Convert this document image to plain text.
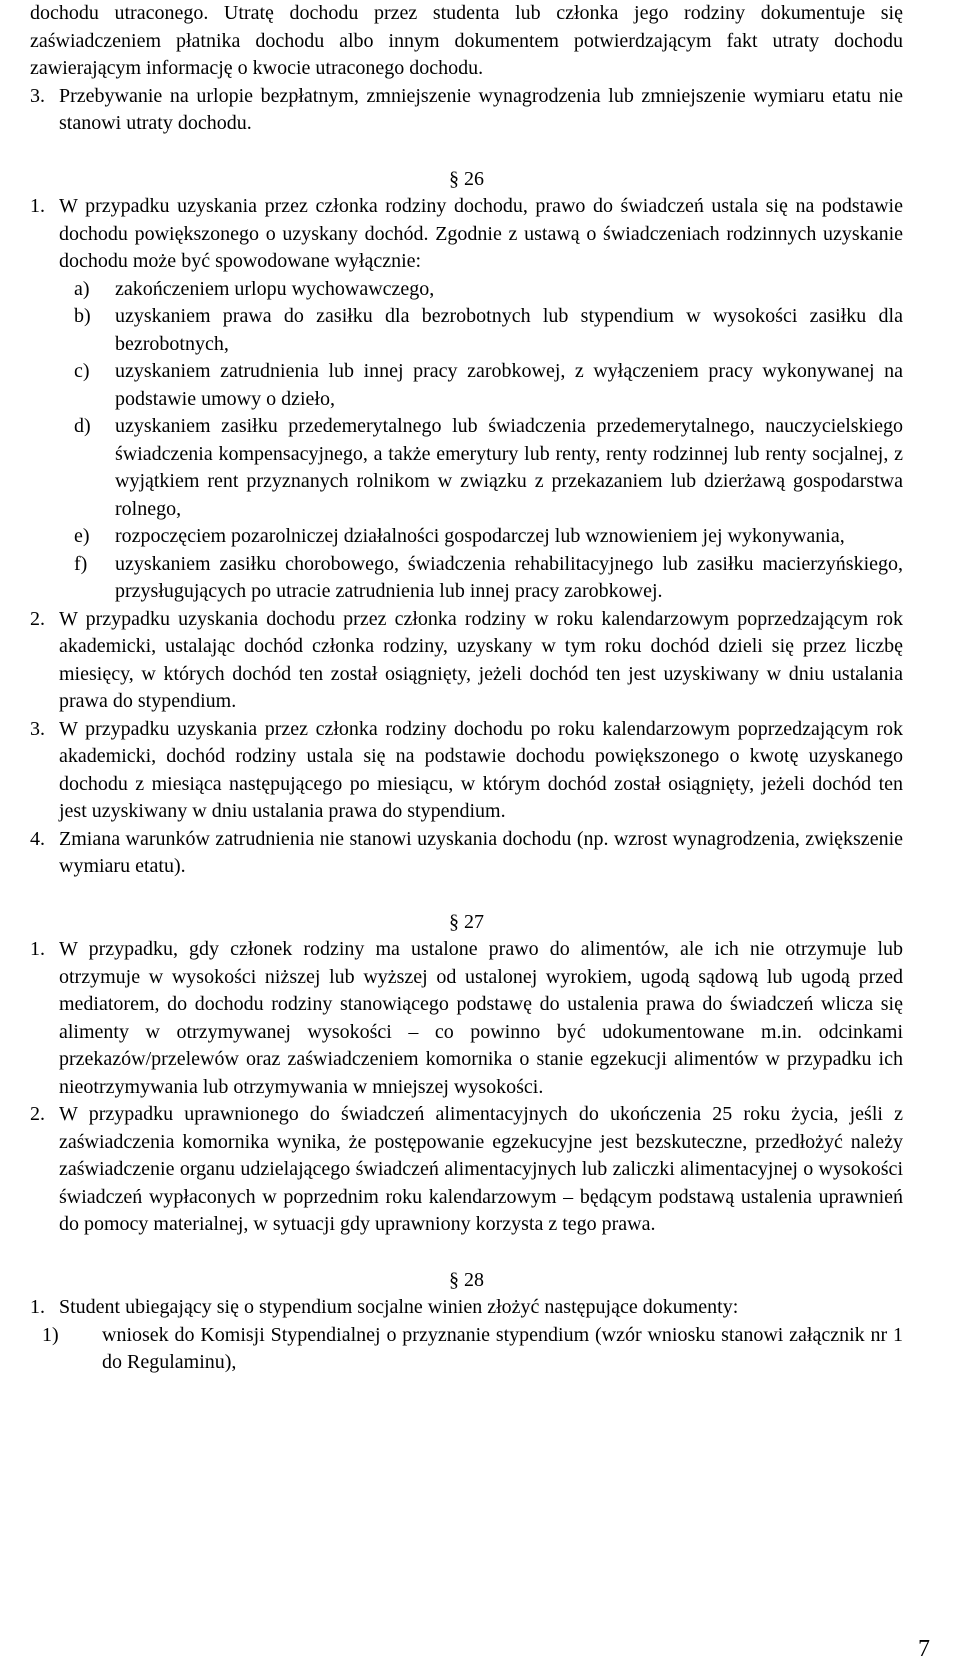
dochodu utraconego. Utratę dochodu przez studenta lub członka jego rodziny dokumentuje się zaświadczeniem płatnika dochodu albo innym dokumentem potwierdzającym fakt utraty dochodu zawierającym informację o kwocie utraconego dochodu.

3. Przebywanie na urlopie bezpłatnym, zmniejszenie wynagrodzenia lub zmniejszenie wymiaru etatu nie stanowi utraty dochodu.

§ 26

1. W przypadku uzyskania przez członka rodziny dochodu, prawo do świadczeń ustala się na podstawie dochodu powiększonego o uzyskany dochód. Zgodnie z ustawą o świadczeniach rodzinnych uzyskanie dochodu może być spowodowane wyłącznie:
a) zakończeniem urlopu wychowawczego,
b) uzyskaniem prawa do zasiłku dla bezrobotnych lub stypendium w wysokości zasiłku dla bezrobotnych,
c) uzyskaniem zatrudnienia lub innej pracy zarobkowej, z wyłączeniem pracy wykonywanej na podstawie umowy o dzieło,
d) uzyskaniem zasiłku przedemerytalnego lub świadczenia przedemerytalnego, nauczycielskiego świadczenia kompensacyjnego, a także emerytury lub renty, renty rodzinnej lub renty socjalnej, z wyjątkiem rent przyznanych rolnikom w związku z przekazaniem lub dzierżawą gospodarstwa rolnego,
e) rozpoczęciem pozarolniczej działalności gospodarczej lub wznowieniem jej wykonywania,
f) uzyskaniem zasiłku chorobowego, świadczenia rehabilitacyjnego lub zasiłku macierzyńskiego, przysługujących po utracie zatrudnienia lub innej pracy zarobkowej.
2. W przypadku uzyskania dochodu przez członka rodziny w roku kalendarzowym poprzedzającym rok akademicki, ustalając dochód członka rodziny, uzyskany w tym roku dochód dzieli się przez liczbę miesięcy, w których dochód ten został osiągnięty, jeżeli dochód ten jest uzyskiwany w dniu ustalania prawa do stypendium.
3. W przypadku uzyskania przez członka rodziny dochodu po roku kalendarzowym poprzedzającym rok akademicki, dochód rodziny ustala się na podstawie dochodu powiększonego o kwotę uzyskanego dochodu z miesiąca następującego po miesiącu, w którym dochód został osiągnięty, jeżeli dochód ten jest uzyskiwany w dniu ustalania prawa do stypendium.
4. Zmiana warunków zatrudnienia nie stanowi uzyskania dochodu (np. wzrost wynagrodzenia, zwiększenie wymiaru etatu).

§ 27

1. W przypadku, gdy członek rodziny ma ustalone prawo do alimentów, ale ich nie otrzymuje lub otrzymuje w wysokości niższej lub wyższej od ustalonej wyrokiem, ugodą sądową lub ugodą przed mediatorem, do dochodu rodziny stanowiącego podstawę do ustalenia prawa do świadczeń wlicza się alimenty w otrzymywanej wysokości – co powinno być udokumentowane m.in. odcinkami przekazów/przelewów oraz zaświadczeniem komornika o stanie egzekucji alimentów w przypadku ich nieotrzymywania lub otrzymywania w mniejszej wysokości.
2. W przypadku uprawnionego do świadczeń alimentacyjnych do ukończenia 25 roku życia, jeśli z zaświadczenia komornika wynika, że postępowanie egzekucyjne jest bezskuteczne, przedłożyć należy zaświadczenie organu udzielającego świadczeń alimentacyjnych lub zaliczki alimentacyjnej o wysokości świadczeń wypłaconych w poprzednim roku kalendarzowym – będącym podstawą ustalenia uprawnień do pomocy materialnej, w sytuacji gdy uprawniony korzysta z tego prawa.

§ 28

1. Student ubiegający się o stypendium socjalne winien złożyć następujące dokumenty:
1) wniosek do Komisji Stypendialnej o przyznanie stypendium (wzór wniosku stanowi załącznik nr 1 do Regulaminu),
7
